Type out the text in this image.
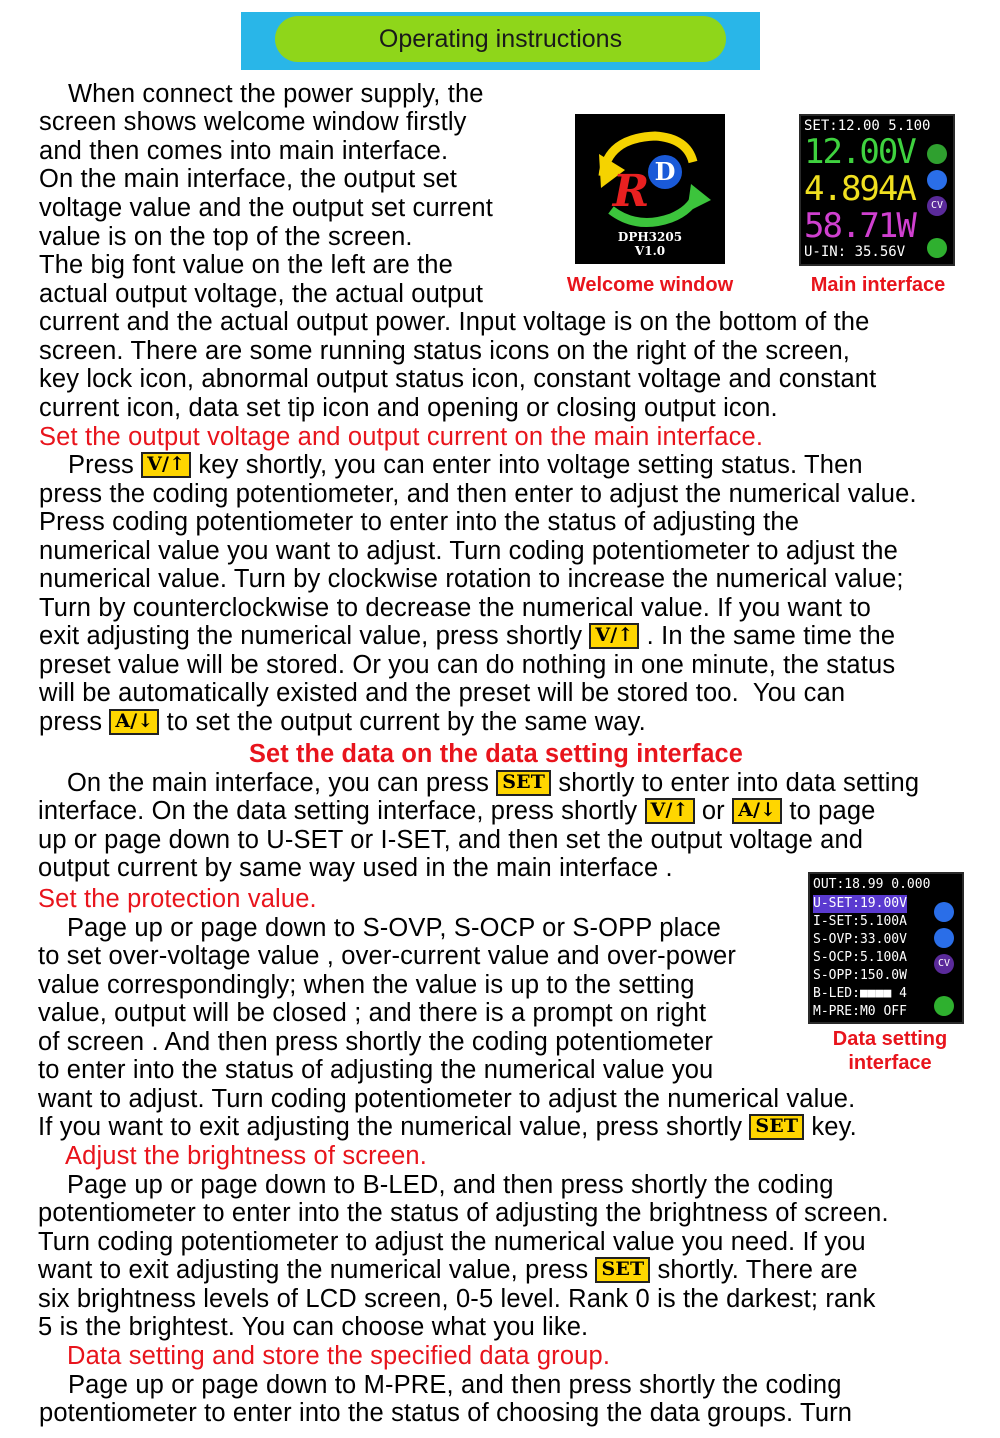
Operating instructions
When connect the power supply, the
screen shows welcome window firstly
and then comes into main interface.
On the main interface, the output set
voltage value and the output set current
value is on the top of the screen.
The big font value on the left are the
actual output voltage, the actual output
current and the actual output power. Input voltage is on the bottom of the
screen. There are some running status icons on the right of the screen,
key lock icon, abnormal output status icon, constant voltage and constant
current icon, data set tip icon and opening or closing output icon.
D
R
DPH3205
V1.0
Welcome window
SET:12.00 5.100
12.00V
4.894A
58.71W
U-IN: 35.56V
CV
Main interface
Set the output voltage and output current on the main interface.
Press V/↑ key shortly, you can enter into voltage setting status. Then
press the coding potentiometer, and then enter to adjust the numerical value.
Press coding potentiometer to enter into the status of adjusting the
numerical value you want to adjust. Turn coding potentiometer to adjust the
numerical value. Turn by clockwise rotation to increase the numerical value;
Turn by counterclockwise to decrease the numerical value. If you want to
exit adjusting the numerical value, press shortly V/↑ . In the same time the
preset value will be stored. Or you can do nothing in one minute, the status
will be automatically existed and the preset will be stored too.  You can
press A/↓ to set the output current by the same way.
Set the data on the data setting interface
On the main interface, you can press SET shortly to enter into data setting
interface. On the data setting interface, press shortly V/↑ or A/↓ to page
up or page down to U-SET or I-SET, and then set the output voltage and
output current by same way used in the main interface .
Set the protection value.
Page up or page down to S-OVP, S-OCP or S-OPP place
to set over-voltage value , over-current value and over-power
value correspondingly; when the value is up to the setting
value, output will be closed ; and there is a prompt on right
of screen . And then press shortly the coding potentiometer
to enter into the status of adjusting the numerical value you
want to adjust. Turn coding potentiometer to adjust the numerical value.
If you want to exit adjusting the numerical value, press shortly SET key.
OUT:18.99 0.000
U-SET:19.00V
I-SET:5.100A
S-OVP:33.00V
S-OCP:5.100A
S-OPP:150.0W
B-LED:■■■■ 4
M-PRE:M0 OFF
CV
Data setting
interface
Adjust the brightness of screen.
Page up or page down to B-LED, and then press shortly the coding
potentiometer to enter into the status of adjusting the brightness of screen.
Turn coding potentiometer to adjust the numerical value you need. If you
want to exit adjusting the numerical value, press SET shortly. There are
six brightness levels of LCD screen, 0-5 level. Rank 0 is the darkest; rank
5 is the brightest. You can choose what you like.
Data setting and store the specified data group.
Page up or page down to M-PRE, and then press shortly the coding
potentiometer to enter into the status of choosing the data groups. Turn
